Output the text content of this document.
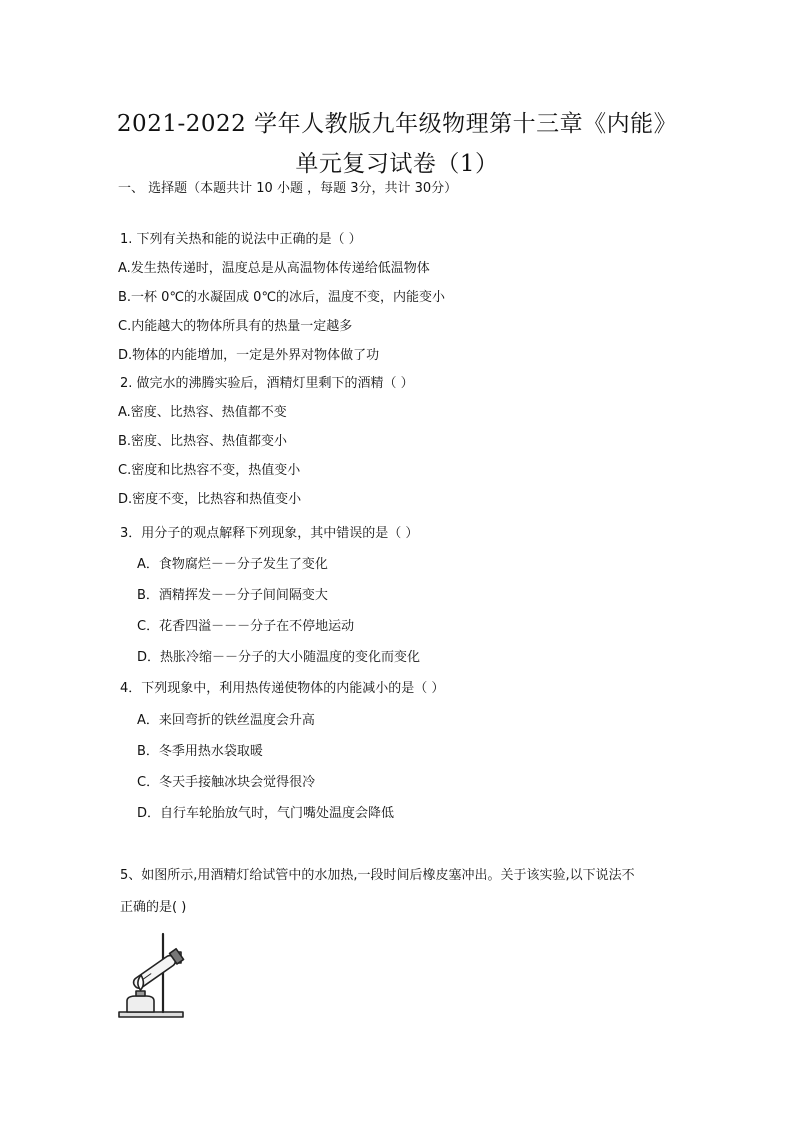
2021-2022 学年人教版九年级物理第十三章《内能》
单元复习试卷（1）
一、 选择题（本题共计 10 小题 ，每题 3分，共计 30分）
1. 下列有关热和能的说法中正确的是（ ）
A.发生热传递时，温度总是从高温物体传递给低温物体
B.一杯 0℃的水凝固成 0℃的冰后，温度不变，内能变小
C.内能越大的物体所具有的热量一定越多
D.物体的内能增加，一定是外界对物体做了功
2. 做完水的沸腾实验后，酒精灯里剩下的酒精（ ）
A.密度、比热容、热值都不变
B.密度、比热容、热值都变小
C.密度和比热容不变，热值变小
D.密度不变，比热容和热值变小
3．用分子的观点解释下列现象，其中错误的是（ ）
A．食物腐烂－－分子发生了变化
B．酒精挥发－－分子间间隔变大
C．花香四溢－－－分子在不停地运动
D．热胀冷缩－－分子的大小随温度的变化而变化
4．下列现象中，利用热传递使物体的内能减小的是（ ）
A．来回弯折的铁丝温度会升高
B．冬季用热水袋取暖
C．冬天手接触冰块会觉得很冷
D．自行车轮胎放气时，气门嘴处温度会降低
5、如图所示,用酒精灯给试管中的水加热,一段时间后橡皮塞冲出。关于该实验,以下说法不
正确的是( )
